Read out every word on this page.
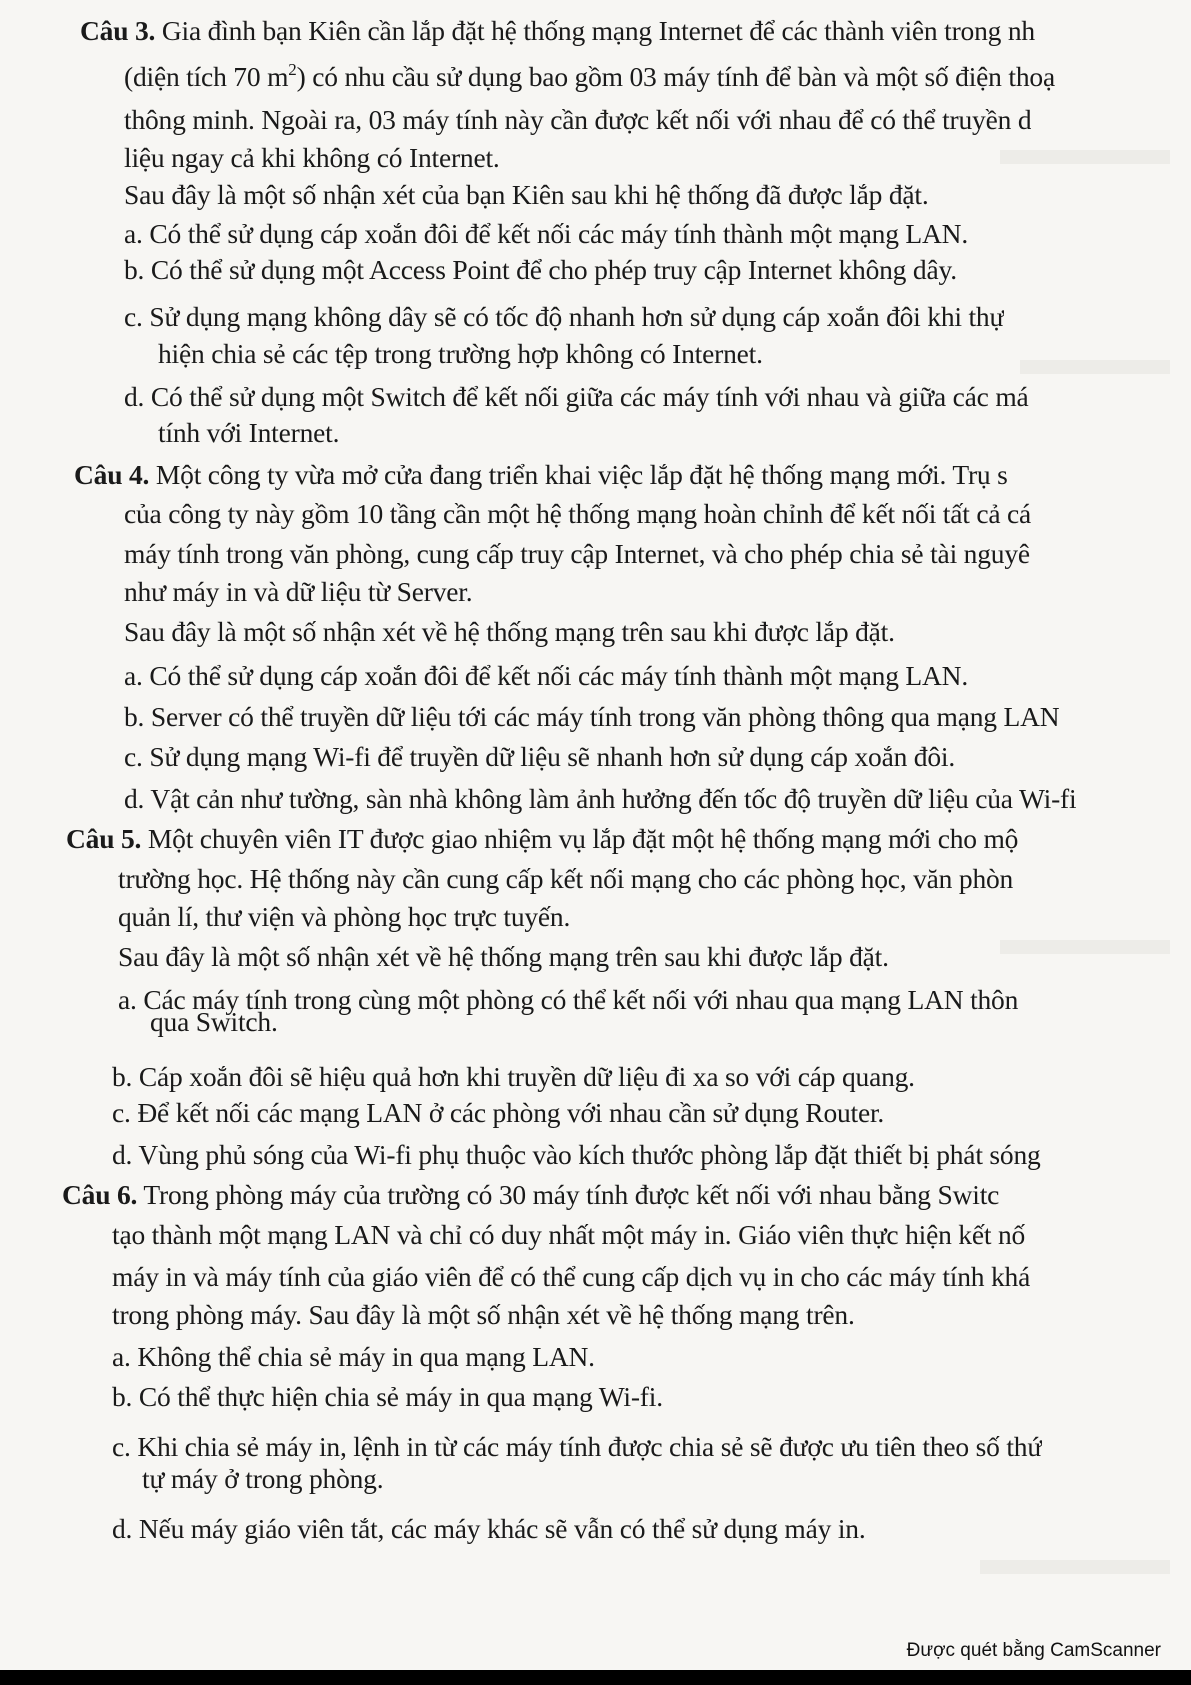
Câu 3. Gia đình bạn Kiên cần lắp đặt hệ thống mạng Internet để các thành viên trong nh
(diện tích 70 $m^2$) có nhu cầu sử dụng bao gồm 03 máy tính để bàn và một số điện thoạ
thông minh. Ngoài ra, 03 máy tính này cần được kết nối với nhau để có thể truyền d
liệu ngay cả khi không có Internet.
Sau đây là một số nhận xét của bạn Kiên sau khi hệ thống đã được lắp đặt.
a. Có thể sử dụng cáp xoắn đôi để kết nối các máy tính thành một mạng LAN.
b. Có thể sử dụng một Access Point để cho phép truy cập Internet không dây.
c. Sử dụng mạng không dây sẽ có tốc độ nhanh hơn sử dụng cáp xoắn đôi khi thự
hiện chia sẻ các tệp trong trường hợp không có Internet.
d. Có thể sử dụng một Switch để kết nối giữa các máy tính với nhau và giữa các má
tính với Internet.
Câu 4. Một công ty vừa mở cửa đang triển khai việc lắp đặt hệ thống mạng mới. Trụ s
của công ty này gồm 10 tầng cần một hệ thống mạng hoàn chỉnh để kết nối tất cả cá
máy tính trong văn phòng, cung cấp truy cập Internet, và cho phép chia sẻ tài nguyê
như máy in và dữ liệu từ Server.
Sau đây là một số nhận xét về hệ thống mạng trên sau khi được lắp đặt.
a. Có thể sử dụng cáp xoắn đôi để kết nối các máy tính thành một mạng LAN.
b. Server có thể truyền dữ liệu tới các máy tính trong văn phòng thông qua mạng LAN
c. Sử dụng mạng Wi-fi để truyền dữ liệu sẽ nhanh hơn sử dụng cáp xoắn đôi.
d. Vật cản như tường, sàn nhà không làm ảnh hưởng đến tốc độ truyền dữ liệu của Wi-fi
Câu 5. Một chuyên viên IT được giao nhiệm vụ lắp đặt một hệ thống mạng mới cho mộ
trường học. Hệ thống này cần cung cấp kết nối mạng cho các phòng học, văn phòn
quản lí, thư viện và phòng học trực tuyến.
Sau đây là một số nhận xét về hệ thống mạng trên sau khi được lắp đặt.
a. Các máy tính trong cùng một phòng có thể kết nối với nhau qua mạng LAN thôn
qua Switch.
b. Cáp xoắn đôi sẽ hiệu quả hơn khi truyền dữ liệu đi xa so với cáp quang.
c. Để kết nối các mạng LAN ở các phòng với nhau cần sử dụng Router.
d. Vùng phủ sóng của Wi-fi phụ thuộc vào kích thước phòng lắp đặt thiết bị phát sóng
Câu 6. Trong phòng máy của trường có 30 máy tính được kết nối với nhau bằng Switc
tạo thành một mạng LAN và chỉ có duy nhất một máy in. Giáo viên thực hiện kết nố
máy in và máy tính của giáo viên để có thể cung cấp dịch vụ in cho các máy tính khá
trong phòng máy. Sau đây là một số nhận xét về hệ thống mạng trên.
a. Không thể chia sẻ máy in qua mạng LAN.
b. Có thể thực hiện chia sẻ máy in qua mạng Wi-fi.
c. Khi chia sẻ máy in, lệnh in từ các máy tính được chia sẻ sẽ được ưu tiên theo số thứ
tự máy ở trong phòng.
d. Nếu máy giáo viên tắt, các máy khác sẽ vẫn có thể sử dụng máy in.
Được quét bằng CamScanner
